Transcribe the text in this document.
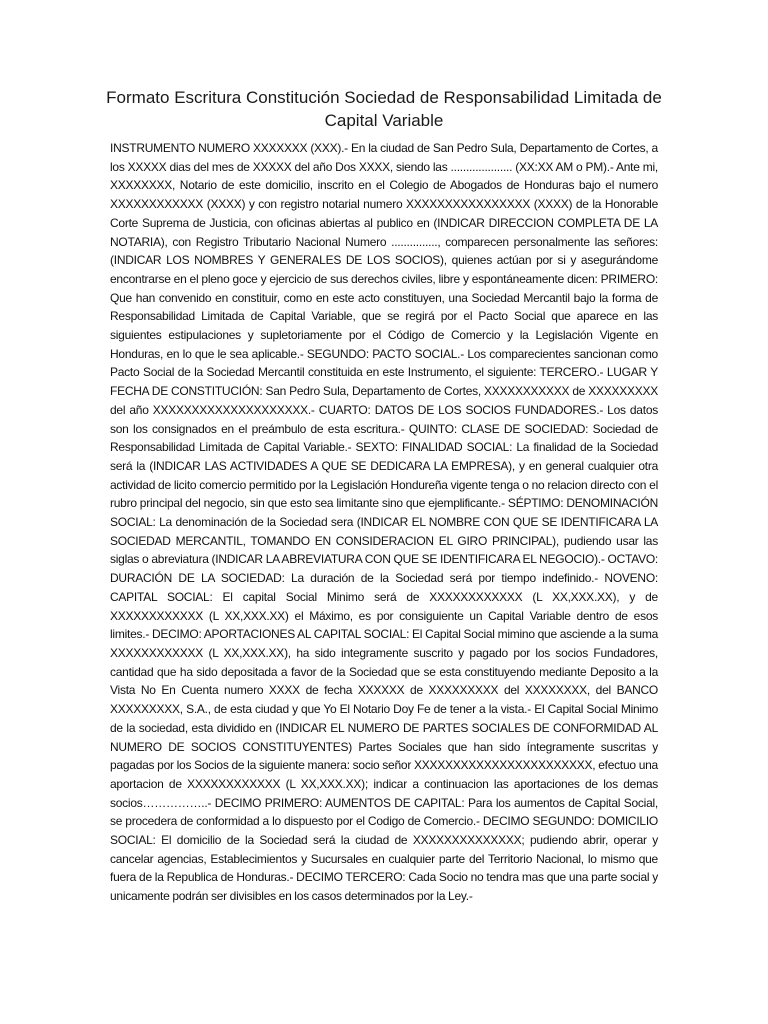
Formato Escritura Constitución Sociedad de Responsabilidad Limitada de Capital Variable

INSTRUMENTO NUMERO XXXXXXX (XXX).- En la ciudad de San Pedro Sula, Departamento de Cortes, a los XXXXX dias del mes de XXXXX del año Dos XXXX, siendo las .................... (XX:XX AM o PM).- Ante mi, XXXXXXXX, Notario de este domicilio, inscrito en el Colegio de Abogados de Honduras bajo el numero XXXXXXXXXXXX (XXXX) y con registro notarial numero XXXXXXXXXXXXXXXX (XXXX) de la Honorable Corte Suprema de Justicia, con oficinas abiertas al publico en (INDICAR DIRECCION COMPLETA DE LA NOTARIA), con Registro Tributario Nacional Numero ..............., comparecen personalmente las señores: (INDICAR LOS NOMBRES Y GENERALES DE LOS SOCIOS), quienes actúan por si y asegurándome encontrarse en el pleno goce y ejercicio de sus derechos civiles, libre y espontáneamente dicen: PRIMERO: Que han convenido en constituir, como en este acto constituyen, una Sociedad Mercantil bajo la forma de Responsabilidad Limitada de Capital Variable, que se regirá por el Pacto Social que aparece en las siguientes estipulaciones y supletoriamente por el Código de Comercio y la Legislación Vigente en Honduras, en lo que le sea aplicable.- SEGUNDO: PACTO SOCIAL.- Los comparecientes sancionan como Pacto Social de la Sociedad Mercantil constituida en este Instrumento, el siguiente: TERCERO.- LUGAR Y FECHA DE CONSTITUCIÓN: San Pedro Sula, Departamento de Cortes, XXXXXXXXXXX de XXXXXXXXX del año XXXXXXXXXXXXXXXXXXXX.- CUARTO: DATOS DE LOS SOCIOS FUNDADORES.- Los datos son los consignados en el preámbulo de esta escritura.- QUINTO: CLASE DE SOCIEDAD: Sociedad de Responsabilidad Limitada de Capital Variable.- SEXTO: FINALIDAD SOCIAL: La finalidad de la Sociedad será la (INDICAR LAS ACTIVIDADES A QUE SE DEDICARA LA EMPRESA), y en general cualquier otra actividad de licito comercio permitido por la Legislación Hondureña vigente tenga o no relacion directo con el rubro principal del negocio, sin que esto sea limitante sino que ejemplificante.- SÉPTIMO: DENOMINACIÓN SOCIAL: La denominación de la Sociedad sera (INDICAR EL NOMBRE CON QUE SE IDENTIFICARA LA SOCIEDAD MERCANTIL, TOMANDO EN CONSIDERACION EL GIRO PRINCIPAL), pudiendo usar las siglas o abreviatura (INDICAR LA ABREVIATURA CON QUE SE IDENTIFICARA EL NEGOCIO).- OCTAVO: DURACIÓN DE LA SOCIEDAD: La duración de la Sociedad será por tiempo indefinido.- NOVENO: CAPITAL SOCIAL: El capital Social Minimo será de XXXXXXXXXXXX (L XX,XXX.XX), y de XXXXXXXXXXXX (L XX,XXX.XX) el Máximo, es por consiguiente un Capital Variable dentro de esos limites.- DECIMO: APORTACIONES AL CAPITAL SOCIAL: El Capital Social mimino que asciende a la suma XXXXXXXXXXXX (L XX,XXX.XX), ha sido integramente suscrito y pagado por los socios Fundadores, cantidad que ha sido depositada a favor de la Sociedad que se esta constituyendo mediante Deposito a la Vista No En Cuenta numero XXXX de fecha XXXXXX de XXXXXXXXX del XXXXXXXX, del BANCO XXXXXXXXX, S.A., de esta ciudad y que Yo El Notario Doy Fe de tener a la vista.- El Capital Social Minimo de la sociedad, esta dividido en (INDICAR EL NUMERO DE PARTES SOCIALES DE CONFORMIDAD AL NUMERO DE SOCIOS CONSTITUYENTES) Partes Sociales que han sido íntegramente suscritas y pagadas por los Socios de la siguiente manera: socio señor XXXXXXXXXXXXXXXXXXXXXXX, efectuo una aportacion de XXXXXXXXXXXX (L XX,XXX.XX); indicar a continuacion las aportaciones de los demas socios……………..- DECIMO PRIMERO: AUMENTOS DE CAPITAL: Para los aumentos de Capital Social, se procedera de conformidad a lo dispuesto por el Codigo de Comercio.- DECIMO SEGUNDO: DOMICILIO SOCIAL: El domicilio de la Sociedad será la ciudad de XXXXXXXXXXXXXX; pudiendo abrir, operar y cancelar agencias, Establecimientos y Sucursales en cualquier parte del Territorio Nacional, lo mismo que fuera de la Republica de Honduras.- DECIMO TERCERO: Cada Socio no tendra mas que una parte social y unicamente podrán ser divisibles en los casos determinados por la Ley.-
